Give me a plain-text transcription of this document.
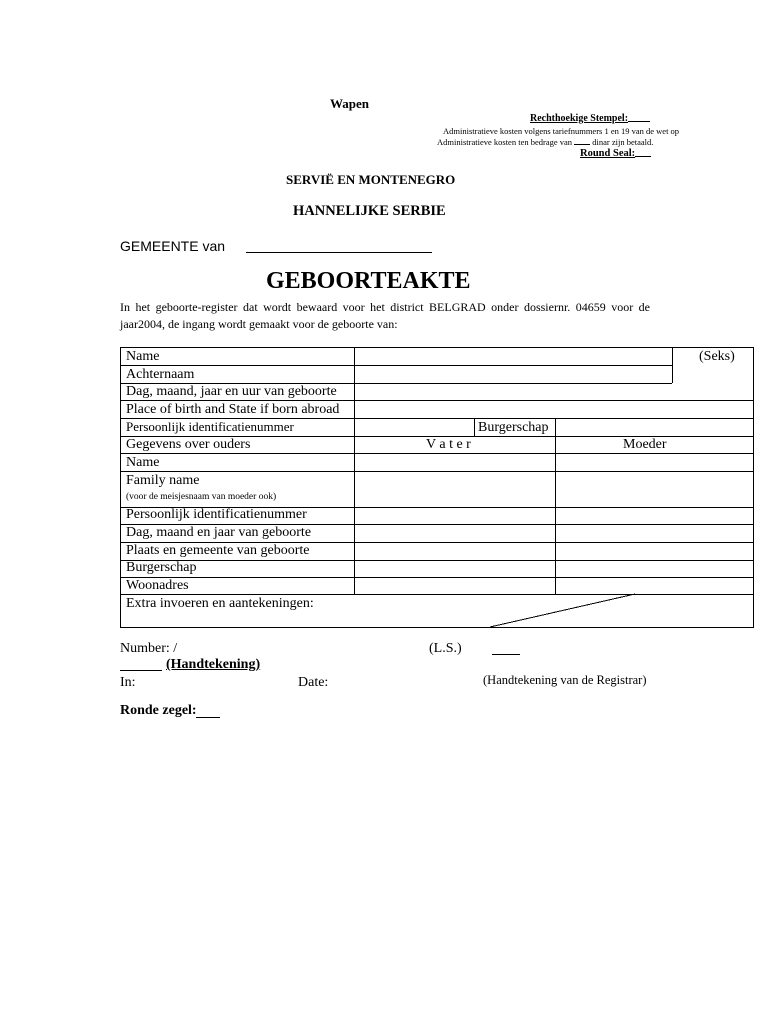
Wapen
Rechthoekige Stempel:
Administratieve kosten volgens tariefnummers 1 en 19 van de wet op
Administratieve kosten ten bedrage van dinar zijn betaald.
Round Seal:
SERVIË EN MONTENEGRO
HANNELIJKE SERBIE
GEMEENTE van
GEBOORTEAKTE
In het geboorte-register dat wordt bewaard voor het district BELGRAD onder dossiernr. 04659 voor de jaar2004, de ingang wordt gemaakt voor de geboorte van:
Name	(Seks)
Achternaam
Dag, maand, jaar en uur van geboorte
Place of birth and State if born abroad
Persoonlijk identificatienummer	Burgerschap
Gegevens over ouders	V a t e r	Moeder
Name
Family name
(voor de meisjesnaam van moeder ook)
Persoonlijk identificatienummer
Dag, maand en jaar van geboorte
Plaats en gemeente van geboorte
Burgerschap
Woonadres
Extra invoeren en aantekeningen:
Number: /	(L.S.)
(Handtekening)
In:	Date:	(Handtekening van de Registrar)
Ronde zegel:
